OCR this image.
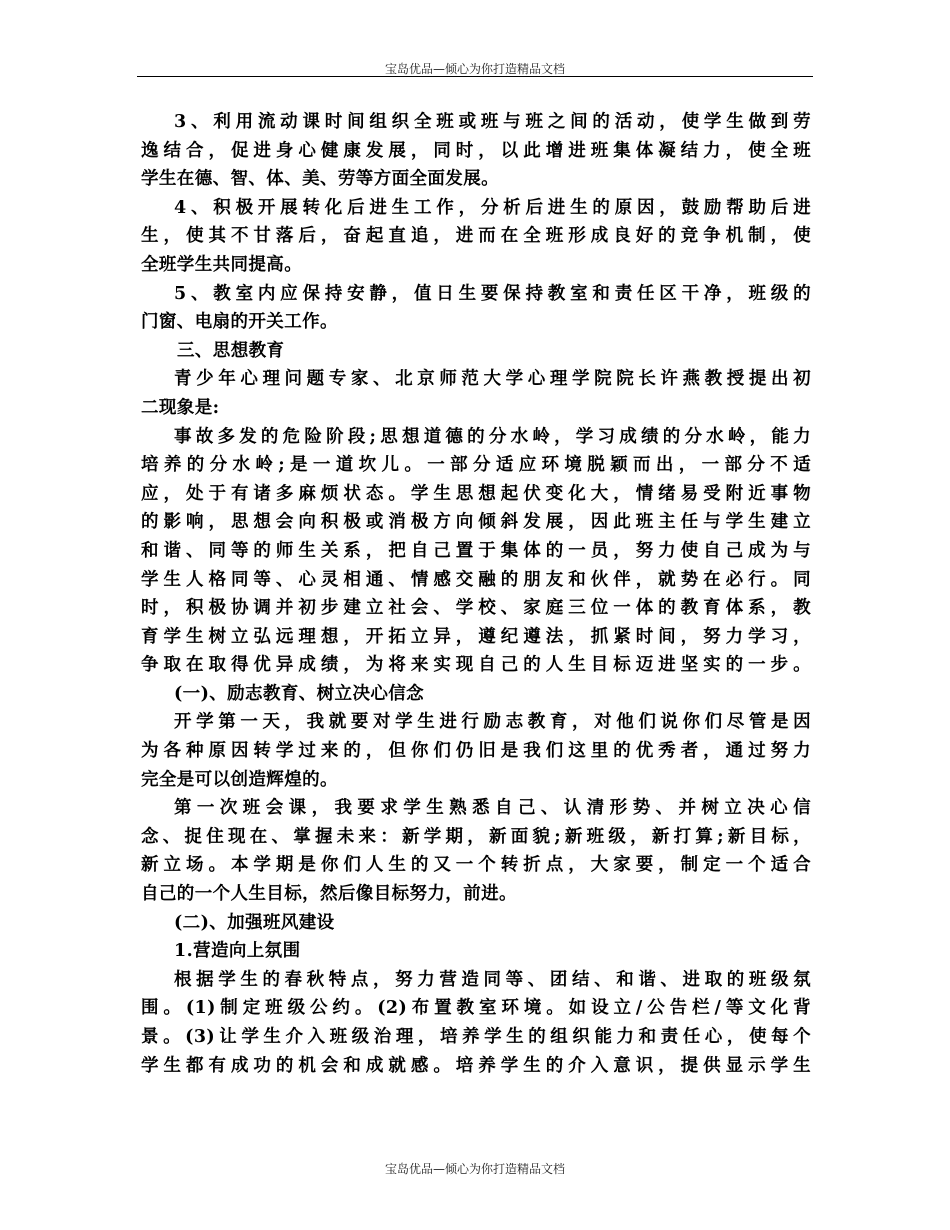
宝岛优品—倾心为你打造精品文档
3、利用流动课时间组织全班或班与班之间的活动，使学生做到劳
逸结合，促进身心健康发展，同时，以此增进班集体凝结力，使全班
学生在德、智、体、美、劳等方面全面发展。
4、积极开展转化后进生工作，分析后进生的原因，鼓励帮助后进
生，使其不甘落后，奋起直追，进而在全班形成良好的竞争机制，使
全班学生共同提高。
5、教室内应保持安静，值日生要保持教室和责任区干净，班级的
门窗、电扇的开关工作。
三、思想教育
青少年心理问题专家、北京师范大学心理学院院长许燕教授提出初
二现象是:
事故多发的危险阶段;思想道德的分水岭，学习成绩的分水岭，能力
培养的分水岭;是一道坎儿。一部分适应环境脱颖而出，一部分不适
应，处于有诸多麻烦状态。学生思想起伏变化大，情绪易受附近事物
的影响，思想会向积极或消极方向倾斜发展，因此班主任与学生建立
和谐、同等的师生关系，把自己置于集体的一员，努力使自己成为与
学生人格同等、心灵相通、情感交融的朋友和伙伴，就势在必行。同
时，积极协调并初步建立社会、学校、家庭三位一体的教育体系，教
育学生树立弘远理想，开拓立异，遵纪遵法，抓紧时间，努力学习，
争取在取得优异成绩，为将来实现自己的人生目标迈进坚实的一步。
(一)、励志教育、树立决心信念
开学第一天，我就要对学生进行励志教育，对他们说你们尽管是因
为各种原因转学过来的，但你们仍旧是我们这里的优秀者，通过努力
完全是可以创造辉煌的。
第一次班会课，我要求学生熟悉自己、认清形势、并树立决心信
念、捉住现在、掌握未来：新学期，新面貌;新班级，新打算;新目标，
新立场。本学期是你们人生的又一个转折点，大家要，制定一个适合
自己的一个人生目标，然后像目标努力，前进。
(二)、加强班风建设
1.营造向上氛围
根据学生的春秋特点，努力营造同等、团结、和谐、进取的班级氛
围。(1)制定班级公约。(2)布置教室环境。如设立/公告栏/等文化背
景。(3)让学生介入班级治理，培养学生的组织能力和责任心，使每个
学生都有成功的机会和成就感。培养学生的介入意识，提供显示学生
宝岛优品—倾心为你打造精品文档
